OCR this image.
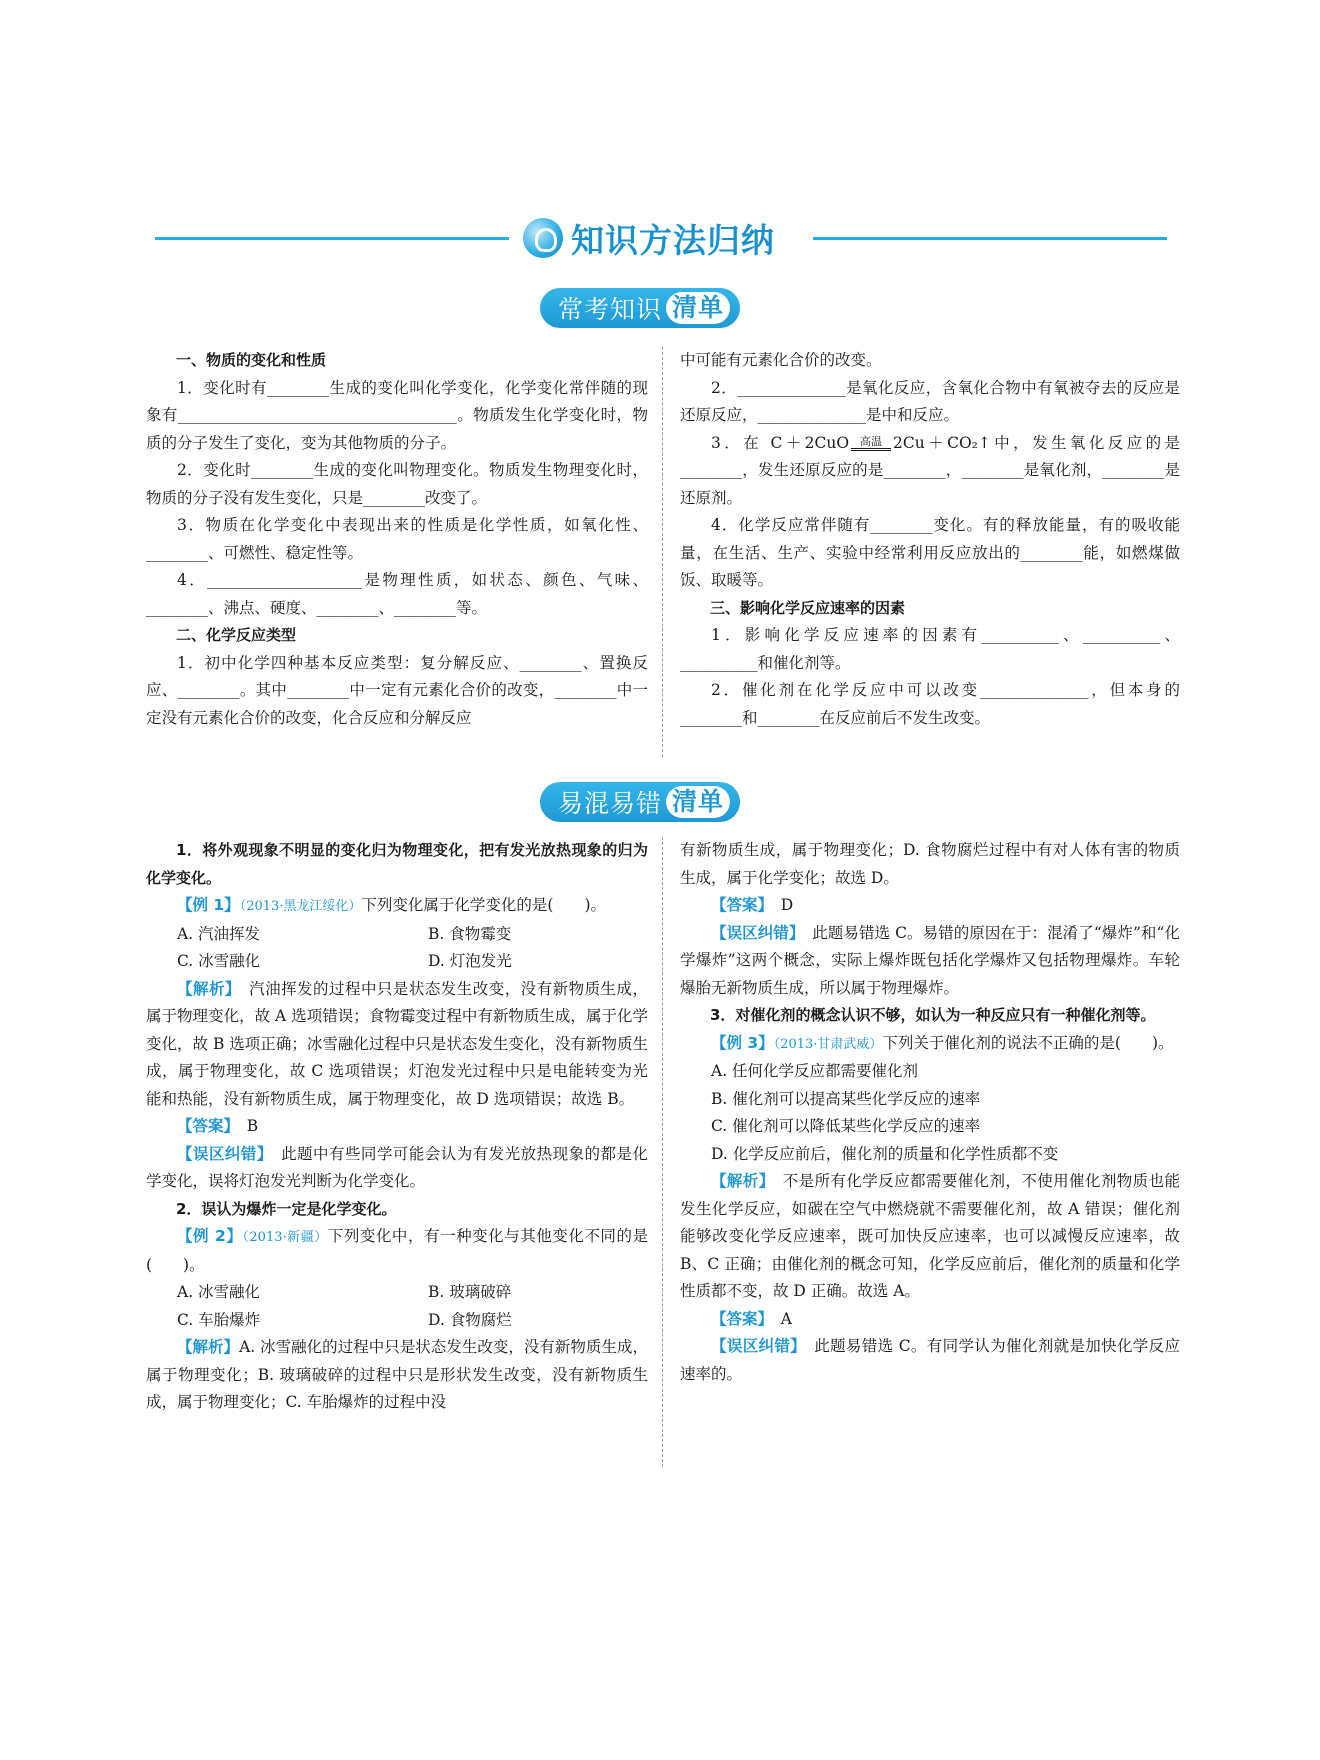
知识方法归纳
常考知识 清单

一、物质的变化和性质

1．变化时有________生成的变化叫化学变化，化学变化常伴随的现象有____________________________________。物质发生化学变化时，物质的分子发生了变化，变为其他物质的分子。

2．变化时________生成的变化叫物理变化。物质发生物理变化时，物质的分子没有发生变化，只是________改变了。

3．物质在化学变化中表现出来的性质是化学性质，如氧化性、________、可燃性、稳定性等。

4．____________________是物理性质，如状态、颜色、气味、________、沸点、硬度、________、________等。

二、化学反应类型

1．初中化学四种基本反应类型：复分解反应、________、置换反应、________。其中________中一定有元素化合价的改变，________中一定没有元素化合价的改变，化合反应和分解反应

中可能有元素化合价的改变。

2．______________是氧化反应，含氧化合物中有氧被夺去的反应是还原反应，______________是中和反应。

3．在 C＋2CuO	高温 2Cu＋CO₂↑中，发生氧化反应的是________，发生还原反应的是________，________是氧化剂，________是还原剂。

4．化学反应常伴随有________变化。有的释放能量，有的吸收能量，在生活、生产、实验中经常利用反应放出的________能，如燃煤做饭、取暖等。

三、影响化学反应速率的因素

1．影响化学反应速率的因素有__________、__________、__________和催化剂等。

2．催化剂在化学反应中可以改变______________，但本身的________和________在反应前后不发生改变。

易混易错 清单

1．将外观现象不明显的变化归为物理变化，把有发光放热现象的归为化学变化。

【例 1】（2013·黑龙江绥化）下列变化属于化学变化的是(　　)。

A. 汽油挥发	B. 食物霉变
C. 冰雪融化	D. 灯泡发光

【解析】　汽油挥发的过程中只是状态发生改变，没有新物质生成，属于物理变化，故 A 选项错误；食物霉变过程中有新物质生成，属于化学变化，故 B 选项正确；冰雪融化过程中只是状态发生变化，没有新物质生成，属于物理变化，故 C 选项错误；灯泡发光过程中只是电能转变为光能和热能，没有新物质生成，属于物理变化，故 D 选项错误；故选 B。

【答案】　B

【误区纠错】　此题中有些同学可能会认为有发光放热现象的都是化学变化，误将灯泡发光判断为化学变化。

2．误认为爆炸一定是化学变化。

【例 2】（2013·新疆）下列变化中，有一种变化与其他变化不同的是(　　)。

A. 冰雪融化	B. 玻璃破碎
C. 车胎爆炸	D. 食物腐烂

【解析】A. 冰雪融化的过程中只是状态发生改变，没有新物质生成，属于物理变化；B. 玻璃破碎的过程中只是形状发生改变，没有新物质生成，属于物理变化；C. 车胎爆炸的过程中没

有新物质生成，属于物理变化；D. 食物腐烂过程中有对人体有害的物质生成，属于化学变化；故选 D。

【答案】　D

【误区纠错】　此题易错选 C。易错的原因在于：混淆了“爆炸”和“化学爆炸”这两个概念，实际上爆炸既包括化学爆炸又包括物理爆炸。车轮爆胎无新物质生成，所以属于物理爆炸。

3．对催化剂的概念认识不够，如认为一种反应只有一种催化剂等。

【例 3】（2013·甘肃武威）下列关于催化剂的说法不正确的是(　　)。

A. 任何化学反应都需要催化剂

B. 催化剂可以提高某些化学反应的速率

C. 催化剂可以降低某些化学反应的速率

D. 化学反应前后，催化剂的质量和化学性质都不变

【解析】　不是所有化学反应都需要催化剂，不使用催化剂物质也能发生化学反应，如碳在空气中燃烧就不需要催化剂，故 A 错误；催化剂能够改变化学反应速率，既可加快反应速率，也可以减慢反应速率，故 B、C 正确；由催化剂的概念可知，化学反应前后，催化剂的质量和化学性质都不变，故 D 正确。故选 A。

【答案】　A

【误区纠错】　此题易错选 C。有同学认为催化剂就是加快化学反应速率的。
